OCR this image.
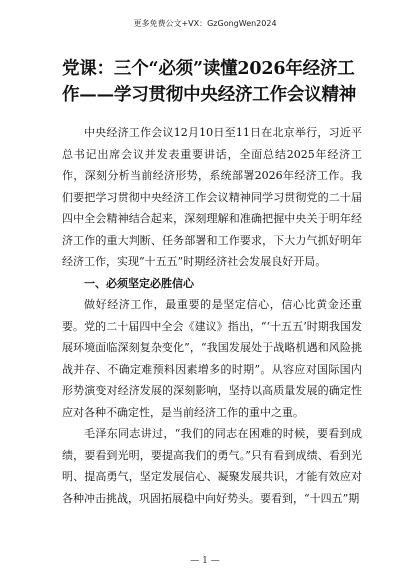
更多免费公文+VX：GzGongWen2024
党课：三个“必须”读懂2026年经济工作——学习贯彻中央经济工作会议精神

中央经济工作会议12月10日至11日在北京举行，习近平总书记出席会议并发表重要讲话，全面总结2025年经济工作，深刻分析当前经济形势，系统部署2026年经济工作。我们要把学习贯彻中央经济工作会议精神同学习贯彻党的二十届四中全会精神结合起来，深刻理解和准确把握中央关于明年经济工作的重大判断、任务部署和工作要求，下大力气抓好明年经济工作，实现“十五五”时期经济社会发展良好开局。

一、必须坚定必胜信心

做好经济工作，最重要的是坚定信心，信心比黄金还重要。党的二十届四中全会《建议》指出，“‘十五五’时期我国发展环境面临深刻复杂变化”，“我国发展处于战略机遇和风险挑战并存、不确定难预料因素增多的时期”。从容应对国际国内形势演变对经济发展的深刻影响，坚持以高质量发展的确定性应对各种不确定性，是当前经济工作的重中之重。

毛泽东同志讲过，“我们的同志在困难的时候，要看到成绩，要看到光明，要提高我们的勇气。”只有看到成绩、看到光明、提高勇气，坚定发展信心、凝聚发展共识，才能有效应对各种冲击挑战，巩固拓展稳中向好势头。要看到，“十四五”期

— 1 —
